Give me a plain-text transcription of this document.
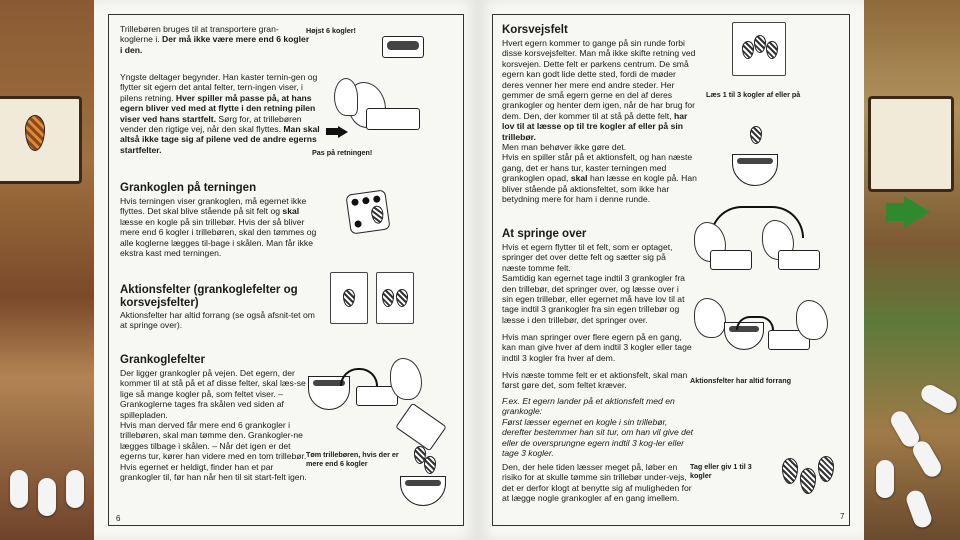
Trillebøren bruges til at transportere gran-koglerne i. Der må ikke være mere end 6 kogler i den.
Højst 6 kogler!
Yngste deltager begynder. Han kaster ternin-gen og flytter sit egern det antal felter, tern-ingen viser, i pilens retning. Hver spiller må passe på, at hans egern bliver ved med at flytte i den retning pilen viser ved hans startfelt. Sørg for, at trillebøren vender den rigtige vej, når den skal flyttes. Man skal altså ikke tage sig af pilene ved de andre egerns startfelter.	Pas på retningen!
Grankoglen på terningen
Hvis terningen viser grankoglen, må egernet ikke flyttes. Det skal blive stående på sit felt og skal læsse en kogle på sin trillebør. Hvis der så bliver mere end 6 kogler i trillebøren, skal den tømmes og alle koglerne lægges til-bage i skålen. Man får ikke ekstra kast med terningen.
Aktionsfelter (grankoglefelter og korsvejsfelter)
Aktionsfelter har altid forrang (se også afsnit-tet om at springe over).
Grankoglefelter
Der ligger grankogler på vejen. Det egern, der kommer til at stå på et af disse felter, skal læs-se lige så mange kogler på, som feltet viser. – Grankoglerne tages fra skålen ved siden af spillepladen.
Hvis man derved får mere end 6 grankogler i trillebøren, skal man tømme den. Grankogler-ne lægges tilbage i skålen. – Når det igen er det egerns tur, kører han videre med en tom trillebør. Hvis egernet er heldigt, finder han et par grankogler til, før han når hen til sit start-felt igen.
Tøm trillebøren, hvis der er mere end 6 kogler
6
Korsvejsfelt
Hvert egern kommer to gange på sin runde forbi disse korsvejsfelter. Man må ikke skifte retning ved korsvejen. Dette felt er parkens centrum. De små egern kan godt lide dette sted, fordi de møder deres venner her mere end andre steder. Her gemmer de små egern gerne en del af deres grankogler og henter dem igen, når de har brug for dem. Den, der kommer til at stå på dette felt, har lov til at læsse op til tre kogler af eller på sin trillebør.
Men man behøver ikke gøre det.
Hvis en spiller står på et aktionsfelt, og han næste gang, det er hans tur, kaster terningen med grankoglen opad, skal han læsse en kogle på. Han bliver stående på aktionsfeltet, som ikke har betydning mere for ham i denne runde.
Læs 1 til 3 kogler af eller på
At springe over
Hvis et egern flytter til et felt, som er optaget, springer det over dette felt og sætter sig på næste tomme felt.
Samtidig kan egernet tage indtil 3 grankogler fra den trillebør, det springer over, og læsse over i sin egen trillebør, eller egernet må have lov til at tage indtil 3 grankogler fra sin egen trillebør og læsse i den trillebør, det springer over.
Hvis man springer over flere egern på en gang, kan man give hver af dem indtil 3 kogler eller tage indtil 3 kogler fra hver af dem.
Hvis næste tomme felt er et aktionsfelt, skal man først gøre det, som feltet kræver.
F.ex. Et egern lander på et aktionsfelt med en grankogle:
Først læsser egernet en kogle i sin trillebør, derefter bestemmer han sit tur, om han vil give det eller de oversprungne egern indtil 3 kog-ler eller tage 3 kogler.
Den, der hele tiden læsser meget på, løber en risiko for at skulle tømme sin trillebør under-vejs, det er derfor klogt at benytte sig af muligheden for at lægge nogle grankogler af en gang imellem.
Aktionsfelter har altid forrang
Tag eller giv 1 til 3 kogler
7
